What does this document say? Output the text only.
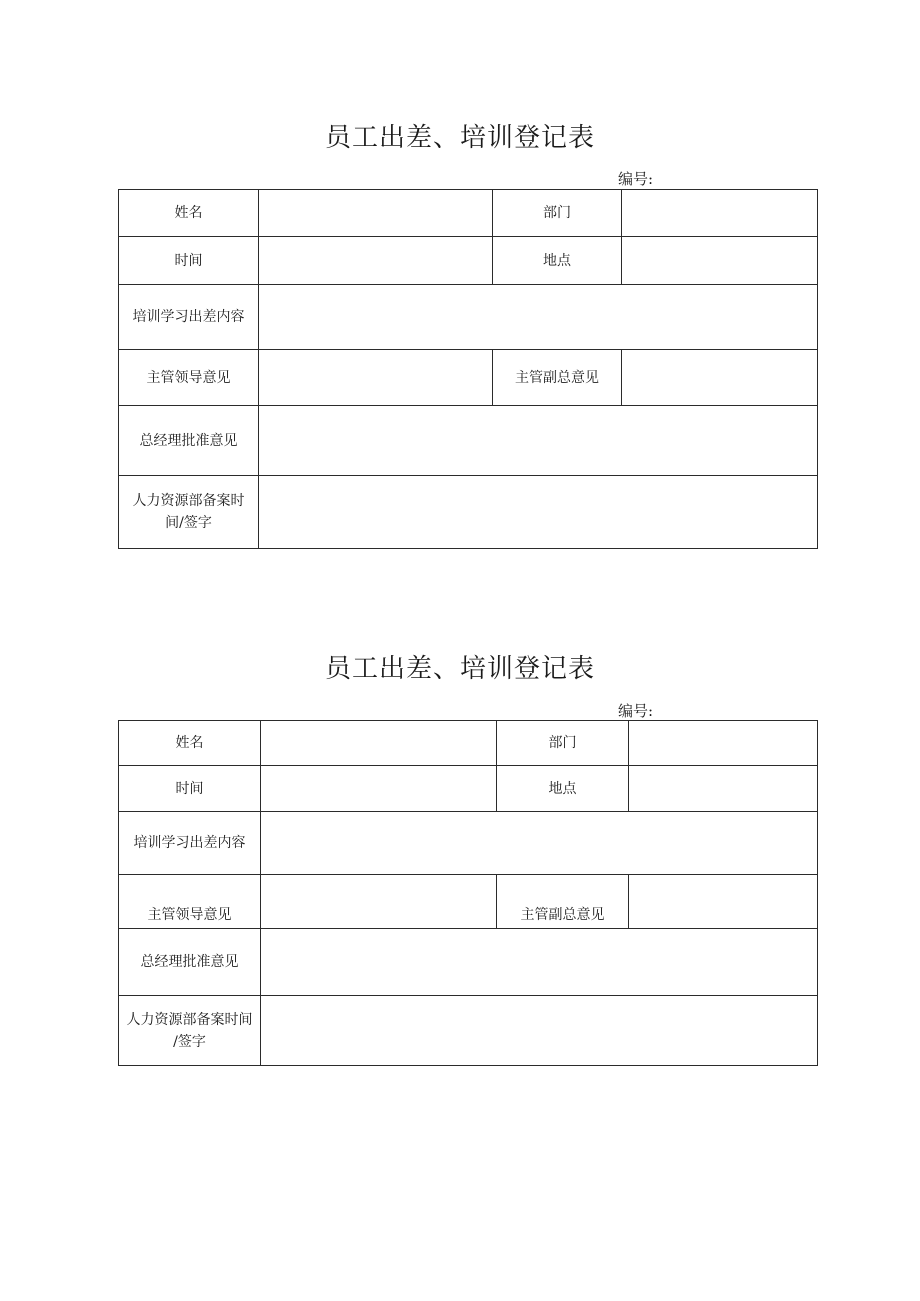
员工出差、培训登记表
编号:
姓名		部门	
时间		地点	
培训学习出差内容			
主管领导意见		主管副总意见	
总经理批准意见			

人力资源部备案时
间/签字			

员工出差、培训登记表
编号:
姓名		部门	
时间		地点	
培训学习出差内容			
主管领导意见		主管副总意见	
总经理批准意见			

人力资源部备案时间
/签字			
